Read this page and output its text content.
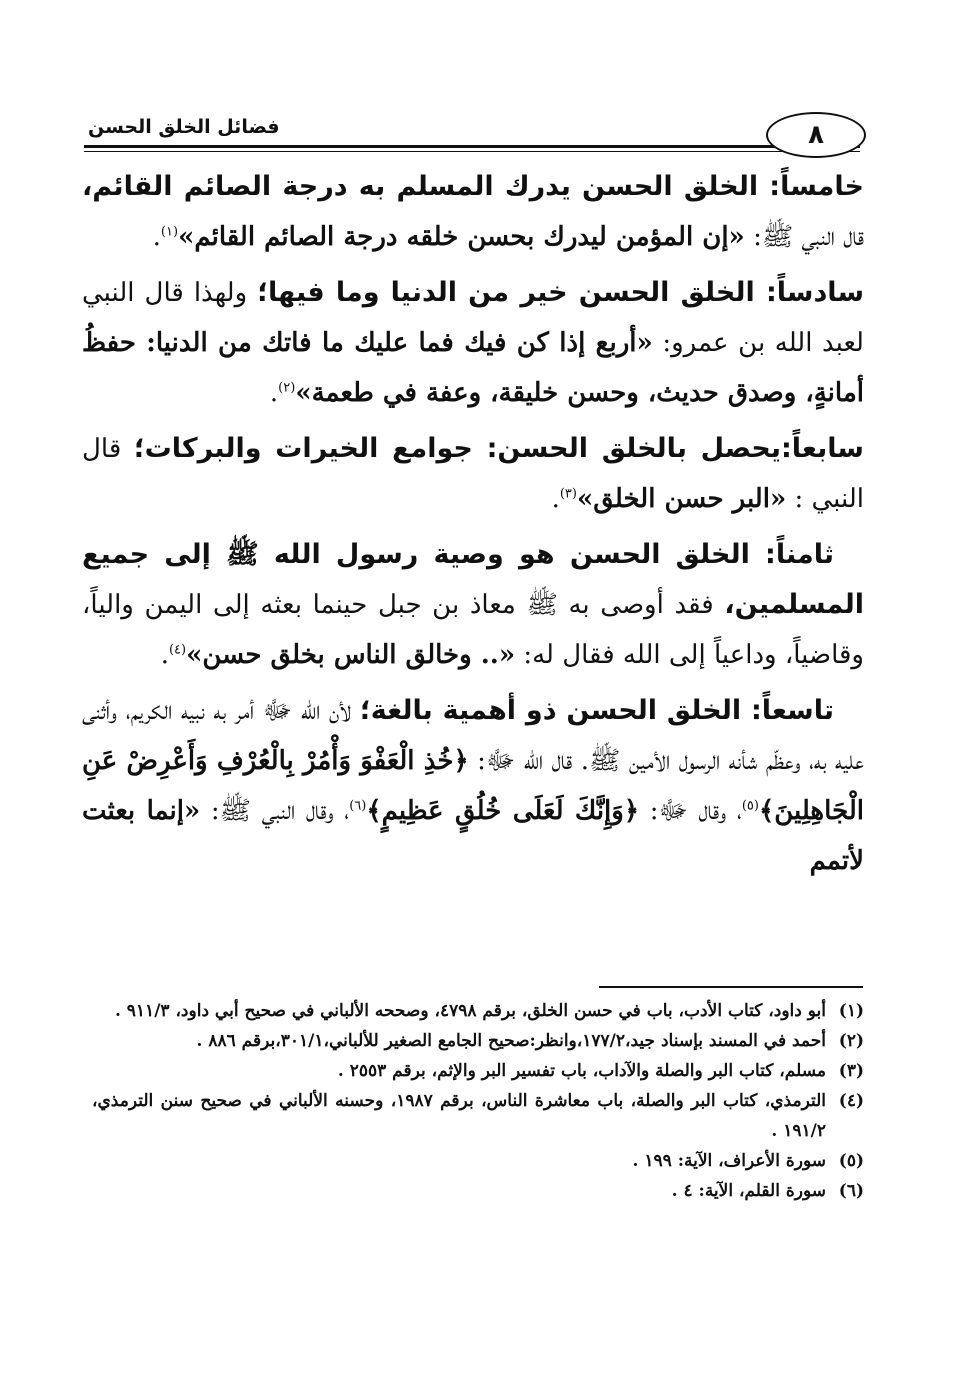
٨
فضائل الخلق الحسن

خامساً: الخلق الحسن يدرك المسلم به درجة الصائم القائم، قال النبي ﷺ: «إن المؤمن ليدرك بحسن خلقه درجة الصائم القائم»$^{(١)}$.

سادساً: الخلق الحسن خير من الدنيا وما فيها؛ ولهذا قال النبي لعبد الله بن عمرو: «أربع إذا كن فيك فما عليك ما فاتك من الدنيا: حفظُ أمانةٍ، وصدق حديث، وحسن خليقة، وعفة في طعمة»$^{(٢)}$.

سابعاً:يحصل بالخلق الحسن: جوامع الخيرات والبركات؛ قال النبي : «البر حسن الخلق»$^{(٣)}$.

ثامناً: الخلق الحسن هو وصية رسول الله ﷺ إلى جميع المسلمين، فقد أوصى به ﷺ معاذ بن جبل حينما بعثه إلى اليمن والياً، وقاضياً، وداعياً إلى الله فقال له: «.. وخالق الناس بخلق حسن»$^{(٤)}$.

تاسعاً: الخلق الحسن ذو أهمية بالغة؛ لأن الله ﷻ أمر به نبيه الكريم، وأثنى عليه به، وعظّم شأنه الرسول الأمين ﷺ. قال الله ﷻ: ﴿خُذِ الْعَفْوَ وَأْمُرْ بِالْعُرْفِ وَأَعْرِضْ عَنِ الْجَاهِلِينَ﴾$^{(٥)}$، وقال ﷻ: ﴿وَإِنَّكَ لَعَلَى خُلُقٍ عَظِيمٍ﴾$^{(٦)}$، وقال النبي ﷺ: «إنما بعثت لأتمم

(١)
أبو داود، كتاب الأدب، باب في حسن الخلق، برقم ٤٧٩٨، وصححه الألباني في صحيح أبي داود، ٩١١/٣ .
(٢)
أحمد في المسند بإسناد جيد،١٧٧/٢،وانظر:صحيح الجامع الصغير للألباني،٣٠١/١،برقم ٨٨٦ .
(٣)
مسلم، كتاب البر والصلة والآداب، باب تفسير البر والإثم، برقم ٢٥٥٣ .
(٤)
الترمذي، كتاب البر والصلة، باب معاشرة الناس، برقم ١٩٨٧، وحسنه الألباني في صحيح سنن الترمذي، ١٩١/٢ .
(٥)
سورة الأعراف، الآية: ١٩٩ .
(٦)
سورة القلم، الآية: ٤ .
